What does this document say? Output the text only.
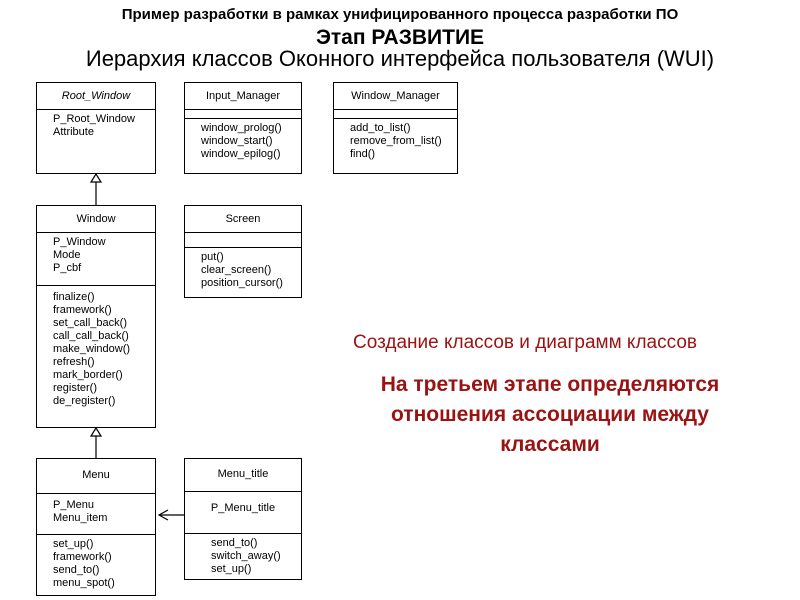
Пример разработки в рамках унифицированного процесса разработки ПО
Этап РАЗВИТИЕ
Иерархия классов Оконного интерфейса пользователя (WUI)
Root_Window
P_Root_Window
Attribute
Input_Manager
window_prolog()
window_start()
window_epilog()
Window_Manager
add_to_list()
remove_from_list()
find()
Window
P_Window
Mode
P_cbf
finalize()
framework()
set_call_back()
call_call_back()
make_window()
refresh()
mark_border()
register()
de_register()
Screen
put()
clear_screen()
position_cursor()
Menu
P_Menu
Menu_item
set_up()
framework()
send_to()
menu_spot()
Menu_title
P_Menu_title
send_to()
switch_away()
set_up()
Создание классов и диаграмм классов
На третьем этапе определяются отношения ассоциации между классами
